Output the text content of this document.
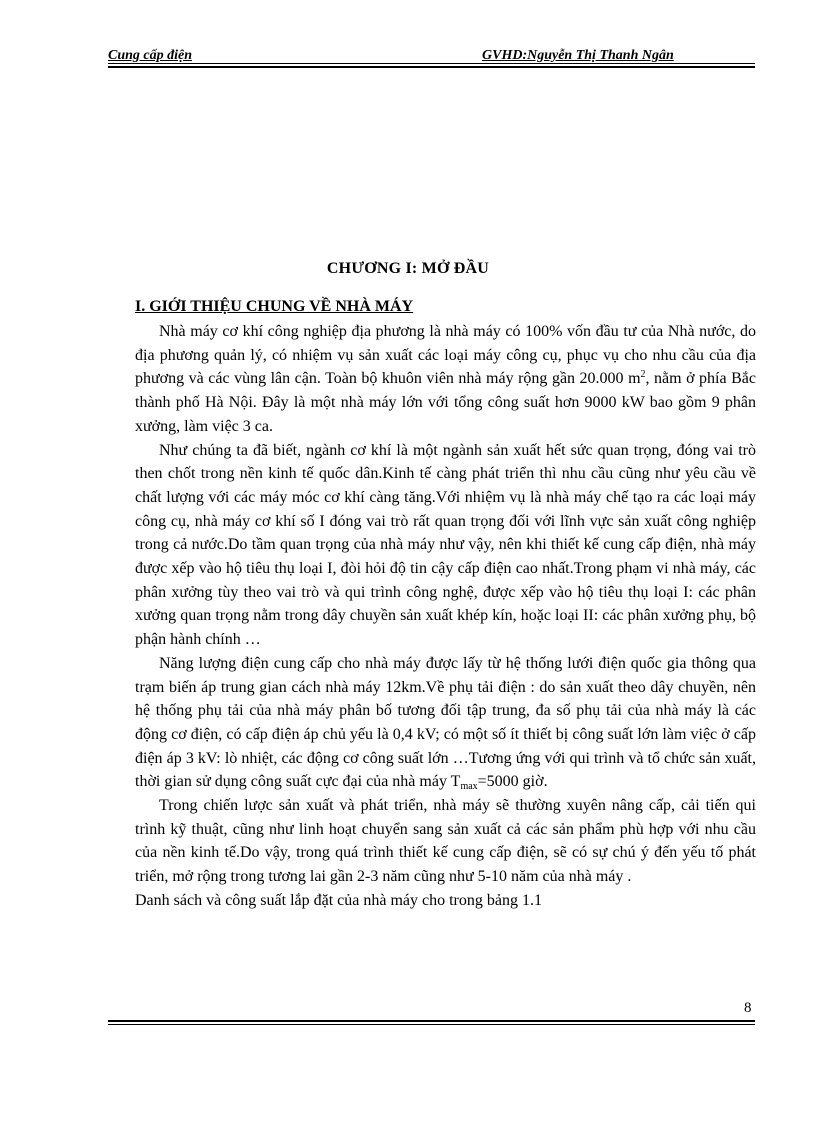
Cung cấp điện	GVHD:Nguyễn Thị Thanh Ngân
CHƯƠNG I: MỞ ĐẦU
I. GIỚI THIỆU CHUNG VỀ NHÀ MÁY

Nhà máy cơ khí công nghiệp địa phương là nhà máy có 100% vốn đầu tư của Nhà nước, do địa phương quản lý, có nhiệm vụ sản xuất các loại máy công cụ, phục vụ cho nhu cầu của địa phương và các vùng lân cận. Toàn bộ khuôn viên nhà máy rộng gần 20.000 $m^2$, nằm ở phía Bắc thành phố Hà Nội. Đây là một nhà máy lớn với tổng công suất hơn 9000 kW bao gồm 9 phân xưởng, làm việc 3 ca.

Như chúng ta đã biết, ngành cơ khí là một ngành sản xuất hết sức quan trọng, đóng vai trò then chốt trong nền kinh tế quốc dân.Kinh tế càng phát triển thì nhu cầu cũng như yêu cầu về chất lượng với các máy móc cơ khí càng tăng.Với nhiệm vụ là nhà máy chế tạo ra các loại máy công cụ, nhà máy cơ khí số I đóng vai trò rất quan trọng đối với lĩnh vực sản xuất công nghiệp trong cả nước.Do tầm quan trọng của nhà máy như vậy, nên khi thiết kế cung cấp điện, nhà máy được xếp vào hộ tiêu thụ loại I, đòi hỏi độ tin cậy cấp điện cao nhất.Trong phạm vi nhà máy, các phân xưởng tùy theo vai trò và qui trình công nghệ, được xếp vào hộ tiêu thụ loại I: các phân xưởng quan trọng nằm trong dây chuyền sản xuất khép kín, hoặc loại II: các phân xưởng phụ, bộ phận hành chính …

Năng lượng điện cung cấp cho nhà máy được lấy từ hệ thống lưới điện quốc gia thông qua trạm biến áp trung gian cách nhà máy 12km.Về phụ tải điện : do sản xuất theo dây chuyền, nên hệ thống phụ tải của nhà máy phân bố tương đối tập trung, đa số phụ tải của nhà máy là các động cơ điện, có cấp điện áp chủ yếu là 0,4 kV; có một số ít thiết bị công suất lớn làm việc ở cấp điện áp 3 kV: lò nhiệt, các động cơ công suất lớn …Tương ứng với qui trình và tổ chức sản xuất, thời gian sử dụng công suất cực đại của nhà máy $T_{max}=5000$ giờ.

Trong chiến lược sản xuất và phát triển, nhà máy sẽ thường xuyên nâng cấp, cải tiến qui trình kỹ thuật, cũng như linh hoạt chuyển sang sản xuất cả các sản phẩm phù hợp với nhu cầu của nền kinh tế.Do vậy, trong quá trình thiết kế cung cấp điện, sẽ có sự chú ý đến yếu tố phát triển, mở rộng trong tương lai gần 2-3 năm cũng như 5-10 năm của nhà máy .

Danh sách và công suất lắp đặt của nhà máy cho trong bảng 1.1

8
